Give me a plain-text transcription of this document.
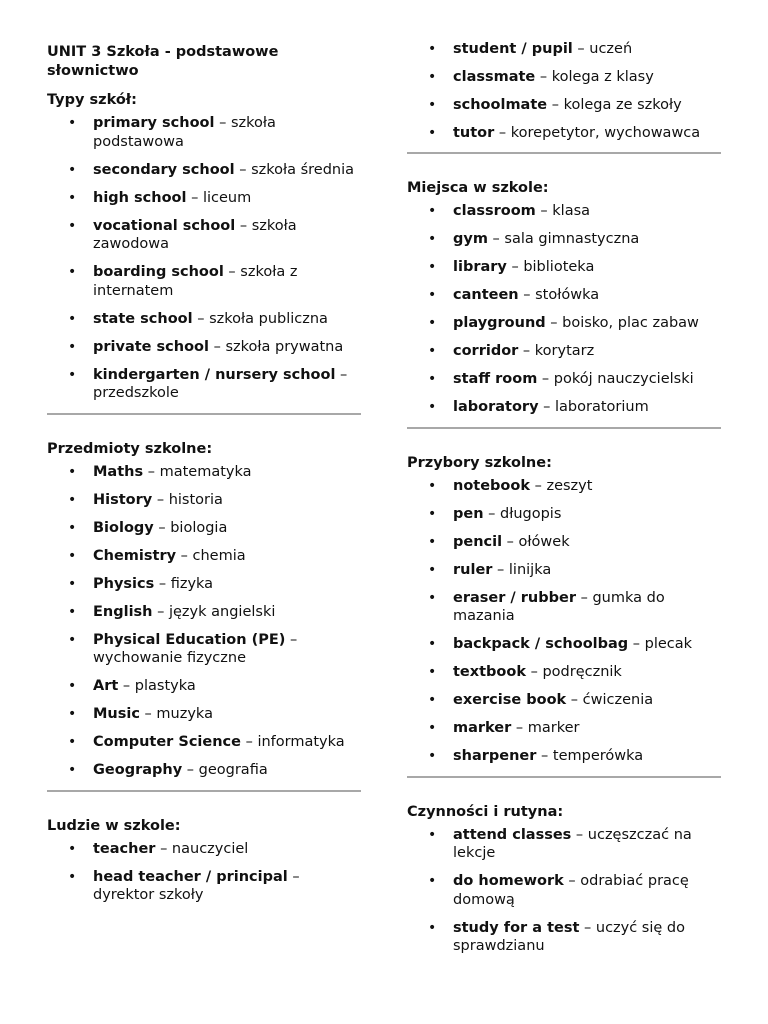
UNIT 3 Szkoła - podstawowe słownictwo
Typy szkół:
• primary school – szkoła podstawowa
• secondary school – szkoła średnia
• high school – liceum
• vocational school – szkoła zawodowa
• boarding school – szkoła z internatem
• state school – szkoła publiczna
• private school – szkoła prywatna
• kindergarten / nursery school – przedszkole
Przedmioty szkolne:
• Maths – matematyka
• History – historia
• Biology – biologia
• Chemistry – chemia
• Physics – fizyka
• English – język angielski
• Physical Education (PE) – wychowanie fizyczne
• Art – plastyka
• Music – muzyka
• Computer Science – informatyka
• Geography – geografia
Ludzie w szkole:
• teacher – nauczyciel
• head teacher / principal – dyrektor szkoły
• student / pupil – uczeń
• classmate – kolega z klasy
• schoolmate – kolega ze szkoły
• tutor – korepetytor, wychowawca
Miejsca w szkole:
• classroom – klasa
• gym – sala gimnastyczna
• library – biblioteka
• canteen – stołówka
• playground – boisko, plac zabaw
• corridor – korytarz
• staff room – pokój nauczycielski
• laboratory – laboratorium
Przybory szkolne:
• notebook – zeszyt
• pen – długopis
• pencil – ołówek
• ruler – linijka
• eraser / rubber – gumka do mazania
• backpack / schoolbag – plecak
• textbook – podręcznik
• exercise book – ćwiczenia
• marker – marker
• sharpener – temperówka
Czynności i rutyna:
• attend classes – uczęszczać na lekcje
• do homework – odrabiać pracę domową
• study for a test – uczyć się do sprawdzianu
